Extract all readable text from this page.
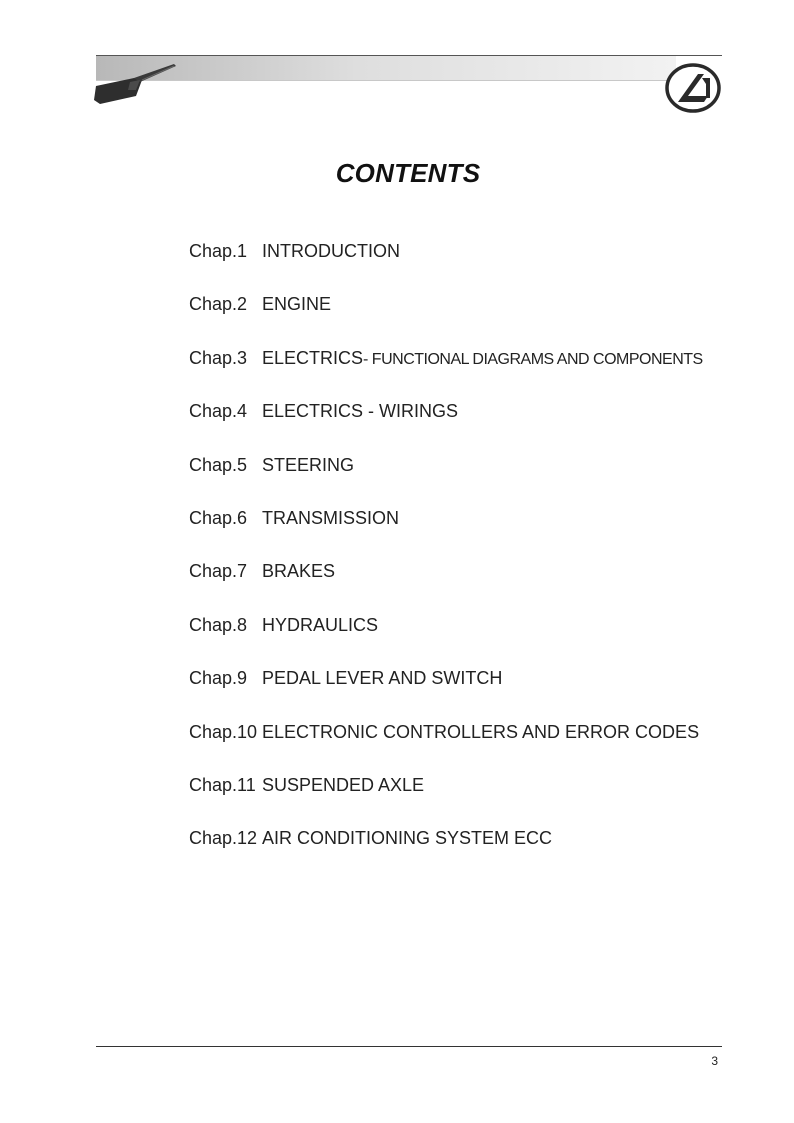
CONTENTS
Chap.1 INTRODUCTION
Chap.2 ENGINE
Chap.3 ELECTRICS - FUNCTIONAL DIAGRAMS AND COMPONENTS
Chap.4 ELECTRICS - WIRINGS
Chap.5 STEERING
Chap.6 TRANSMISSION
Chap.7 BRAKES
Chap.8 HYDRAULICS
Chap.9 PEDAL LEVER AND SWITCH
Chap.10 ELECTRONIC CONTROLLERS AND ERROR CODES
Chap.11 SUSPENDED AXLE
Chap.12 AIR CONDITIONING SYSTEM ECC
3
